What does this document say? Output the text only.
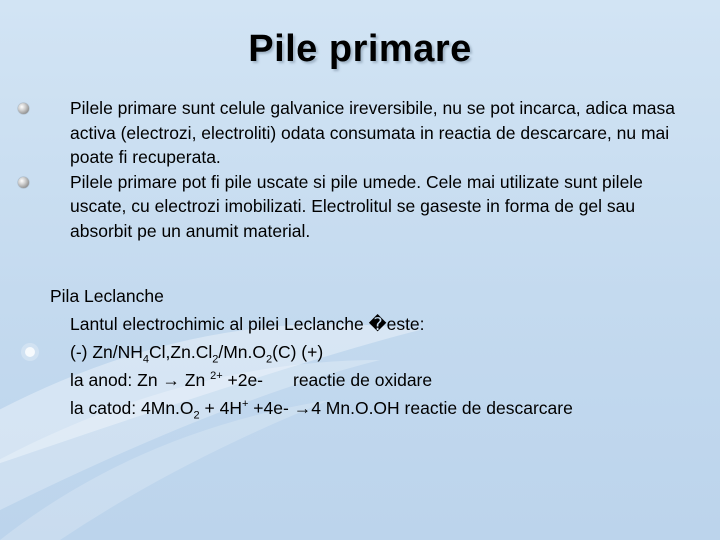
Pile primare
Pilele primare sunt celule galvanice ireversibile, nu se pot incarca, adica masa activa (electrozi, electroliti) odata consumata in reactia de descarcare, nu mai poate fi recuperata.
Pilele primare pot fi pile uscate si pile umede. Cele mai utilizate sunt pilele uscate, cu electrozi imobilizati. Electrolitul se gaseste in forma de gel sau absorbit pe un anumit material.
Pila Leclanche
Lantul electrochimic al pilei Leclanche �este:
(-) $Zn/NH_4Cl,Zn.Cl_2/Mn.O_2(C)$ (+)
la anod: Zn → Zn $^{2+}$ +2e- reactie de oxidare
la catod: $4Mn.O_2 + 4H^+ +4e- \to 4$ Mn.O.OH reactie de descarcare
